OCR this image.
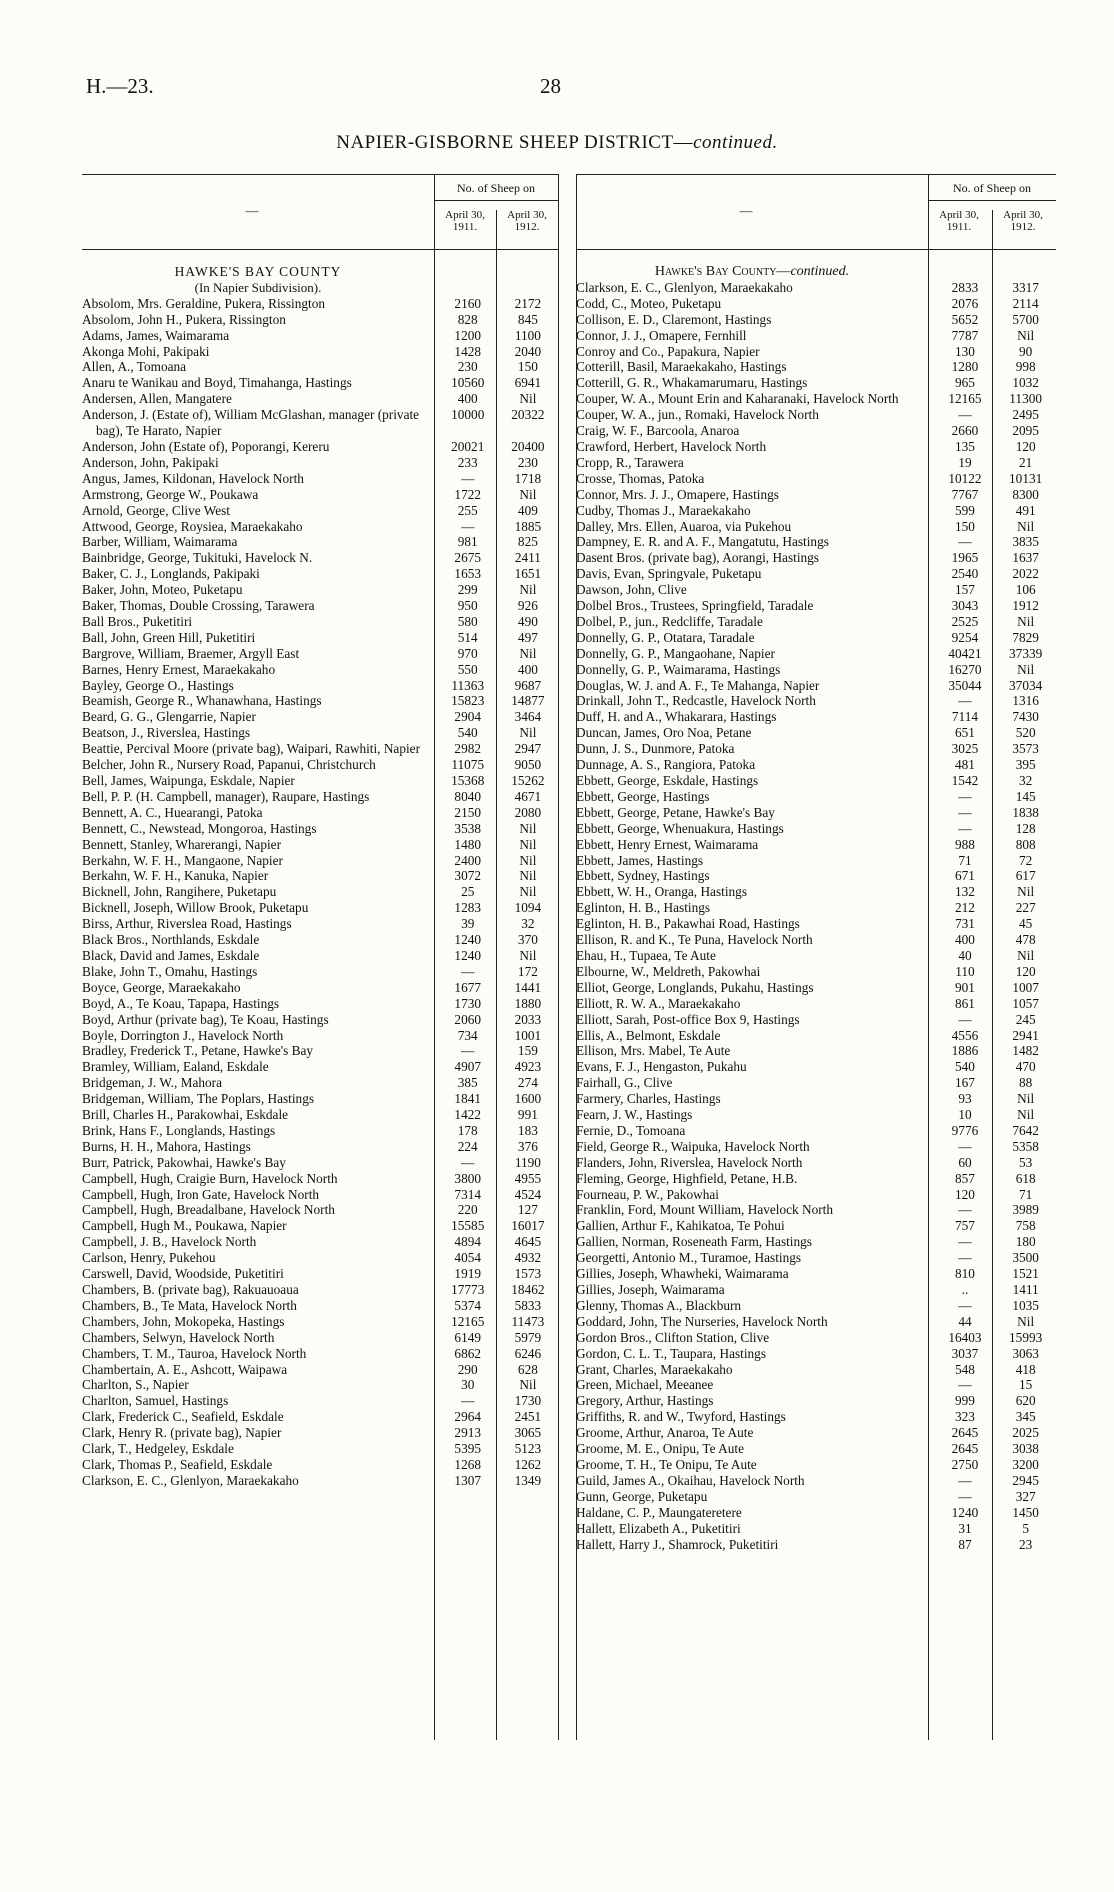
H.—23.	28
NAPIER-GISBORNE SHEEP DISTRICT—continued.
—
No. of Sheep on
April 30, 1911.
April 30, 1912.
HAWKE'S BAY COUNTY
(In Napier Subdivision).
Absolom, Mrs. Geraldine, Pukera, Rissington	2160	2172
Absolom, John H., Pukera, Rissington	828	845
Adams, James, Waimarama	1200	1100
Akonga Mohi, Pakipaki	1428	2040
Allen, A., Tomoana	230	150
Anaru te Wanikau and Boyd, Timahanga, Hastings	10560	6941
Andersen, Allen, Mangatere	400	Nil
Anderson, J. (Estate of), William McGlashan, manager (private bag), Te Harato, Napier
10000	20322
Anderson, John (Estate of), Poporangi, Kereru	20021	20400
Anderson, John, Pakipaki	233	230
Angus, James, Kildonan, Havelock North	—	1718
Armstrong, George W., Poukawa	1722	Nil
Arnold, George, Clive West	255	409
Attwood, George, Roysiea, Maraekakaho	—	1885
Barber, William, Waimarama	981	825
Bainbridge, George, Tukituki, Havelock N.	2675	2411
Baker, C. J., Longlands, Pakipaki	1653	1651
Baker, John, Moteo, Puketapu	299	Nil
Baker, Thomas, Double Crossing, Tarawera	950	926
Ball Bros., Puketitiri	580	490
Ball, John, Green Hill, Puketitiri	514	497
Bargrove, William, Braemer, Argyll East	970	Nil
Barnes, Henry Ernest, Maraekakaho	550	400
Bayley, George O., Hastings	11363	9687
Beamish, George R., Whanawhana, Hastings	15823	14877
Beard, G. G., Glengarrie, Napier	2904	3464
Beatson, J., Riverslea, Hastings	540	Nil
Beattie, Percival Moore (private bag), Waipari, Rawhiti, Napier	2982	2947
Belcher, John R., Nursery Road, Papanui, Christchurch	11075	9050
Bell, James, Waipunga, Eskdale, Napier	15368	15262
Bell, P. P. (H. Campbell, manager), Raupare, Hastings	8040	4671
Bennett, A. C., Huearangi, Patoka	2150	2080
Bennett, C., Newstead, Mongoroa, Hastings	3538	Nil
Bennett, Stanley, Wharerangi, Napier	1480	Nil
Berkahn, W. F. H., Mangaone, Napier	2400	Nil
Berkahn, W. F. H., Kanuka, Napier	3072	Nil
Bicknell, John, Rangihere, Puketapu	25	Nil
Bicknell, Joseph, Willow Brook, Puketapu	1283	1094
Birss, Arthur, Riverslea Road, Hastings	39	32
Black Bros., Northlands, Eskdale	1240	370
Black, David and James, Eskdale	1240	Nil
Blake, John T., Omahu, Hastings	—	172
Boyce, George, Maraekakaho	1677	1441
Boyd, A., Te Koau, Tapapa, Hastings	1730	1880
Boyd, Arthur (private bag), Te Koau, Hastings	2060	2033
Boyle, Dorrington J., Havelock North	734	1001
Bradley, Frederick T., Petane, Hawke's Bay	—	159
Bramley, William, Ealand, Eskdale	4907	4923
Bridgeman, J. W., Mahora	385	274
Bridgeman, William, The Poplars, Hastings	1841	1600
Brill, Charles H., Parakowhai, Eskdale	1422	991
Brink, Hans F., Longlands, Hastings	178	183
Burns, H. H., Mahora, Hastings	224	376
Burr, Patrick, Pakowhai, Hawke's Bay	—	1190
Campbell, Hugh, Craigie Burn, Havelock North	3800	4955
Campbell, Hugh, Iron Gate, Havelock North	7314	4524
Campbell, Hugh, Breadalbane, Havelock North	220	127
Campbell, Hugh M., Poukawa, Napier	15585	16017
Campbell, J. B., Havelock North	4894	4645
Carlson, Henry, Pukehou	4054	4932
Carswell, David, Woodside, Puketitiri	1919	1573
Chambers, B. (private bag), Rakuauoaua	17773	18462
Chambers, B., Te Mata, Havelock North	5374	5833
Chambers, John, Mokopeka, Hastings	12165	11473
Chambers, Selwyn, Havelock North	6149	5979
Chambers, T. M., Tauroa, Havelock North	6862	6246
Chambertain, A. E., Ashcott, Waipawa	290	628
Charlton, S., Napier	30	Nil
Charlton, Samuel, Hastings	—	1730
Clark, Frederick C., Seafield, Eskdale	2964	2451
Clark, Henry R. (private bag), Napier	2913	3065
Clark, T., Hedgeley, Eskdale	5395	5123
Clark, Thomas P., Seafield, Eskdale	1268	1262
Clarkson, E. C., Glenlyon, Maraekakaho	1307	1349
—
No. of Sheep on
April 30, 1911.
April 30, 1912.
Hawke's Bay County—continued.
Clarkson, E. C., Glenlyon, Maraekakaho	2833	3317
Codd, C., Moteo, Puketapu	2076	2114
Collison, E. D., Claremont, Hastings	5652	5700
Connor, J. J., Omapere, Fernhill	7787	Nil
Conroy and Co., Papakura, Napier	130	90
Cotterill, Basil, Maraekakaho, Hastings	1280	998
Cotterill, G. R., Whakamarumaru, Hastings	965	1032
Couper, W. A., Mount Erin and Kaharanaki, Havelock North	12165	11300
Couper, W. A., jun., Romaki, Havelock North	—	2495
Craig, W. F., Barcoola, Anaroa	2660	2095
Crawford, Herbert, Havelock North	135	120
Cropp, R., Tarawera	19	21
Crosse, Thomas, Patoka	10122	10131
Connor, Mrs. J. J., Omapere, Hastings	7767	8300
Cudby, Thomas J., Maraekakaho	599	491
Dalley, Mrs. Ellen, Auaroa, via Pukehou	150	Nil
Dampney, E. R. and A. F., Mangatutu, Hastings	—	3835
Dasent Bros. (private bag), Aorangi, Hastings	1965	1637
Davis, Evan, Springvale, Puketapu	2540	2022
Dawson, John, Clive	157	106
Dolbel Bros., Trustees, Springfield, Taradale	3043	1912
Dolbel, P., jun., Redcliffe, Taradale	2525	Nil
Donnelly, G. P., Otatara, Taradale	9254	7829
Donnelly, G. P., Mangaohane, Napier	40421	37339
Donnelly, G. P., Waimarama, Hastings	16270	Nil
Douglas, W. J. and A. F., Te Mahanga, Napier	35044	37034
Drinkall, John T., Redcastle, Havelock North	—	1316
Duff, H. and A., Whakarara, Hastings	7114	7430
Duncan, James, Oro Noa, Petane	651	520
Dunn, J. S., Dunmore, Patoka	3025	3573
Dunnage, A. S., Rangiora, Patoka	481	395
Ebbett, George, Eskdale, Hastings	1542	32
Ebbett, George, Hastings	—	145
Ebbett, George, Petane, Hawke's Bay	—	1838
Ebbett, George, Whenuakura, Hastings	—	128
Ebbett, Henry Ernest, Waimarama	988	808
Ebbett, James, Hastings	71	72
Ebbett, Sydney, Hastings	671	617
Ebbett, W. H., Oranga, Hastings	132	Nil
Eglinton, H. B., Hastings	212	227
Eglinton, H. B., Pakawhai Road, Hastings	731	45
Ellison, R. and K., Te Puna, Havelock North	400	478
Ehau, H., Tupaea, Te Aute	40	Nil
Elbourne, W., Meldreth, Pakowhai	110	120
Elliot, George, Longlands, Pukahu, Hastings	901	1007
Elliott, R. W. A., Maraekakaho	861	1057
Elliott, Sarah, Post-office Box 9, Hastings	—	245
Ellis, A., Belmont, Eskdale	4556	2941
Ellison, Mrs. Mabel, Te Aute	1886	1482
Evans, F. J., Hengaston, Pukahu	540	470
Fairhall, G., Clive	167	88
Farmery, Charles, Hastings	93	Nil
Fearn, J. W., Hastings	10	Nil
Fernie, D., Tomoana	9776	7642
Field, George R., Waipuka, Havelock North	—	5358
Flanders, John, Riverslea, Havelock North	60	53
Fleming, George, Highfield, Petane, H.B.	857	618
Fourneau, P. W., Pakowhai	120	71
Franklin, Ford, Mount William, Havelock North	—	3989
Gallien, Arthur F., Kahikatoa, Te Pohui	757	758
Gallien, Norman, Roseneath Farm, Hastings	—	180
Georgetti, Antonio M., Turamoe, Hastings	—	3500
Gillies, Joseph, Whawheki, Waimarama	810	1521
Gillies, Joseph, Waimarama	..	1411
Glenny, Thomas A., Blackburn	—	1035
Goddard, John, The Nurseries, Havelock North	44	Nil
Gordon Bros., Clifton Station, Clive	16403	15993
Gordon, C. L. T., Taupara, Hastings	3037	3063
Grant, Charles, Maraekakaho	548	418
Green, Michael, Meeanee	—	15
Gregory, Arthur, Hastings	999	620
Griffiths, R. and W., Twyford, Hastings	323	345
Groome, Arthur, Anaroa, Te Aute	2645	2025
Groome, M. E., Onipu, Te Aute	2645	3038
Groome, T. H., Te Onipu, Te Aute	2750	3200
Guild, James A., Okaihau, Havelock North	—	2945
Gunn, George, Puketapu	—	327
Haldane, C. P., Maungateretere	1240	1450
Hallett, Elizabeth A., Puketitiri	31	5
Hallett, Harry J., Shamrock, Puketitiri	87	23
